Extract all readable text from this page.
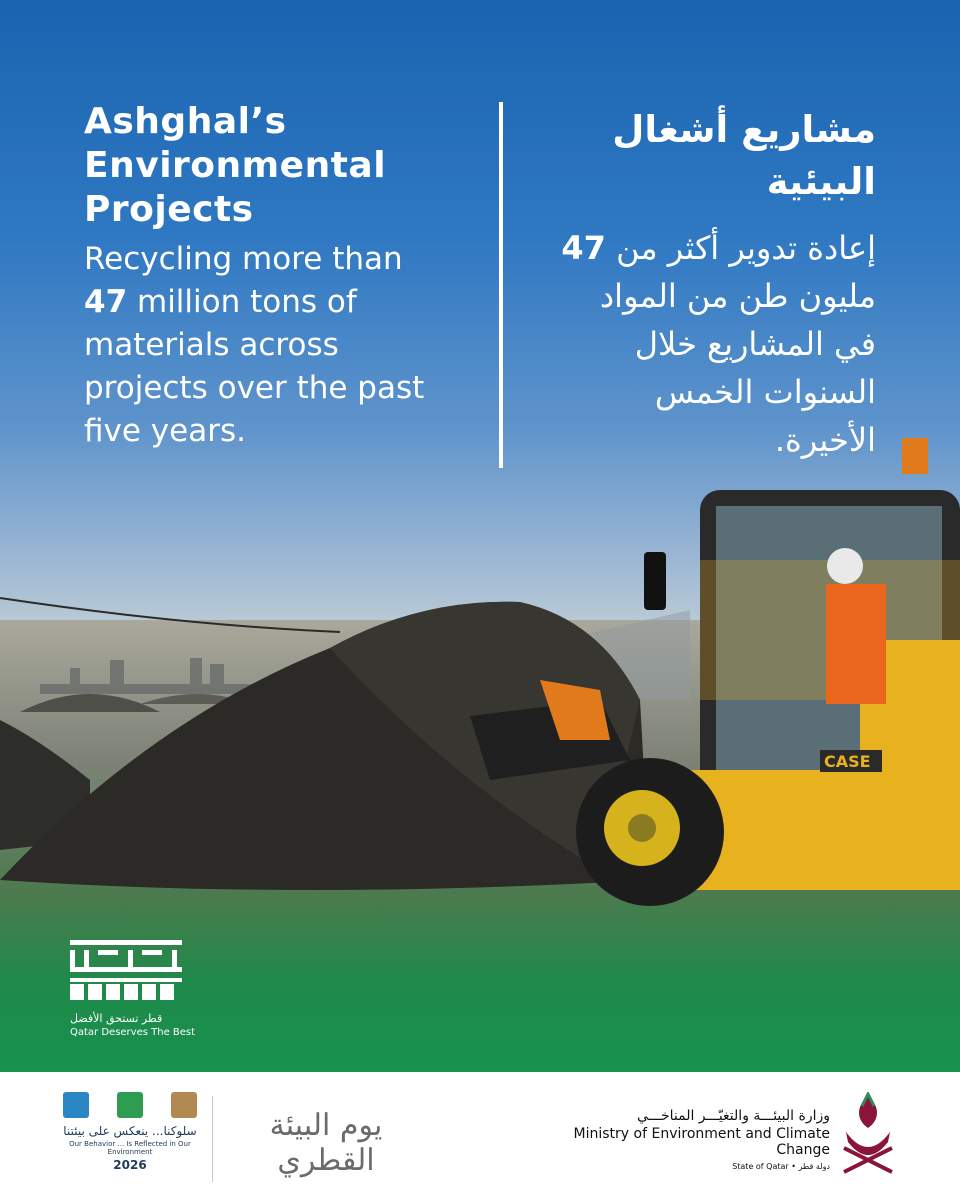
CASE
Ashghal’s
Environmental
Projects

Recycling more than
47 million tons of
materials across
projects over the past
five years.

مشاريع أشغال
البيئية

إعادة تدوير أكثر من 47
مليون طن من المواد
في المشاريع خلال
السنوات الخمس
الأخيرة.

قطر تستحق الأفضل
Qatar Deserves The Best
سلوكنا... ينعكس على بيئتنا
Our Behavior ... Is Reflected in Our Environment
2026
يوم البيئة القطري
وزارة البيئـــة والتغيّـــر المناخـــي
Ministry of Environment and Climate Change
State of Qatar • دولة قطر
